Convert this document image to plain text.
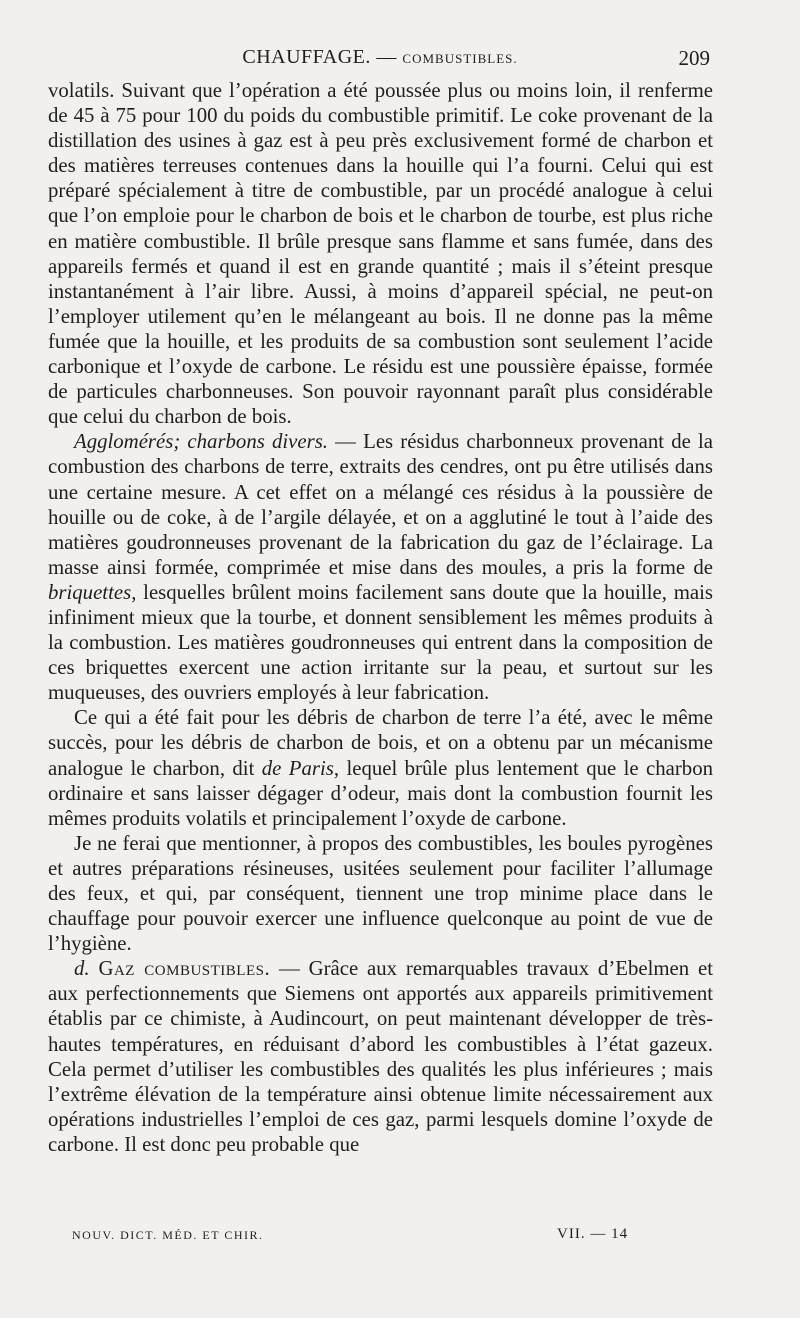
CHAUFFAGE. — COMBUSTIBLES.	209

volatils. Suivant que l’opération a été poussée plus ou moins loin, il renferme de 45 à 75 pour 100 du poids du combustible primitif. Le coke provenant de la distillation des usines à gaz est à peu près exclusivement formé de charbon et des matières terreuses contenues dans la houille qui l’a fourni. Celui qui est préparé spécialement à titre de combustible, par un procédé analogue à celui que l’on emploie pour le charbon de bois et le charbon de tourbe, est plus riche en matière combustible. Il brûle presque sans flamme et sans fumée, dans des appareils fermés et quand il est en grande quantité ; mais il s’éteint presque instantanément à l’air libre. Aussi, à moins d’appareil spécial, ne peut-on l’employer utilement qu’en le mélangeant au bois. Il ne donne pas la même fumée que la houille, et les produits de sa combustion sont seulement l’acide carbonique et l’oxyde de carbone. Le résidu est une poussière épaisse, formée de particules charbonneuses. Son pouvoir rayonnant paraît plus considérable que celui du charbon de bois.

Agglomérés; charbons divers. — Les résidus charbonneux provenant de la combustion des charbons de terre, extraits des cendres, ont pu être utilisés dans une certaine mesure. A cet effet on a mélangé ces résidus à la poussière de houille ou de coke, à de l’argile délayée, et on a agglutiné le tout à l’aide des matières goudronneuses provenant de la fabrication du gaz de l’éclairage. La masse ainsi formée, comprimée et mise dans des moules, a pris la forme de briquettes, lesquelles brûlent moins facilement sans doute que la houille, mais infiniment mieux que la tourbe, et donnent sensiblement les mêmes produits à la combustion. Les matières goudronneuses qui entrent dans la composition de ces briquettes exercent une action irritante sur la peau, et surtout sur les muqueuses, des ouvriers employés à leur fabrication.

Ce qui a été fait pour les débris de charbon de terre l’a été, avec le même succès, pour les débris de charbon de bois, et on a obtenu par un mécanisme analogue le charbon, dit de Paris, lequel brûle plus lentement que le charbon ordinaire et sans laisser dégager d’odeur, mais dont la combustion fournit les mêmes produits volatils et principalement l’oxyde de carbone.

Je ne ferai que mentionner, à propos des combustibles, les boules pyrogènes et autres préparations résineuses, usitées seulement pour faciliter l’allumage des feux, et qui, par conséquent, tiennent une trop minime place dans le chauffage pour pouvoir exercer une influence quelconque au point de vue de l’hygiène.

d. Gaz combustibles. — Grâce aux remarquables travaux d’Ebelmen et aux perfectionnements que Siemens ont apportés aux appareils primitivement établis par ce chimiste, à Audincourt, on peut maintenant développer de très-hautes températures, en réduisant d’abord les combustibles à l’état gazeux. Cela permet d’utiliser les combustibles des qualités les plus inférieures ; mais l’extrême élévation de la température ainsi obtenue limite nécessairement aux opérations industrielles l’emploi de ces gaz, parmi lesquels domine l’oxyde de carbone. Il est donc peu probable que

NOUV. DICT. MÉD. ET CHIR.	VII. — 14
